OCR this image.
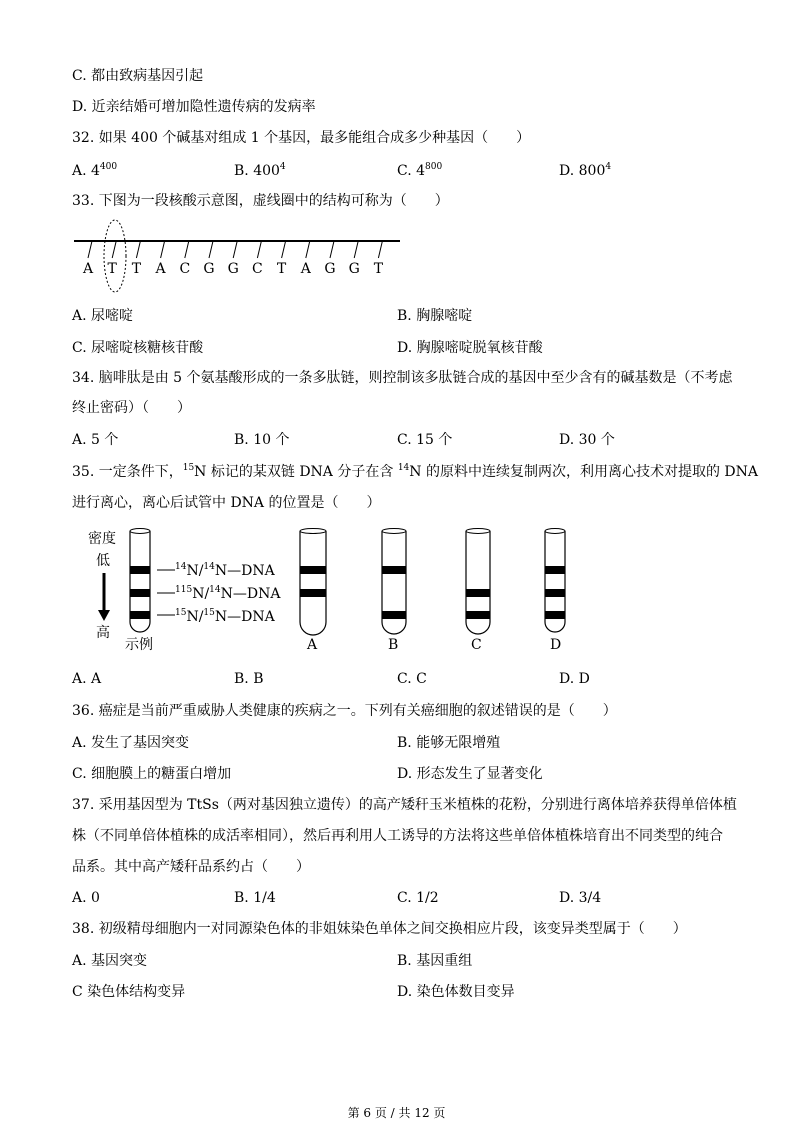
C. 都由致病基因引起
D. 近亲结婚可增加隐性遗传病的发病率
32. 如果 400 个碱基对组成 1 个基因，最多能组合成多少种基因（　　）
A. $4^{400}$	B. $400^4$	C. $4^{800}$	D. $800^4$
33. 下图为一段核酸示意图，虚线圈中的结构可称为（　　）
A T T A C G G C T A G G T
A. 尿嘧啶	B. 胸腺嘧啶
C. 尿嘧啶核糖核苷酸	D. 胸腺嘧啶脱氧核苷酸
34. 脑啡肽是由 5 个氨基酸形成的一条多肽链，则控制该多肽链合成的基因中至少含有的碱基数是（不考虑
终止密码）（　　）
A. 5 个	B. 10 个	C. 15 个	D. 30 个
35. 一定条件下，$^{15}$N 标记的某双链 DNA 分子在含 $^{14}$N 的原料中连续复制两次，利用离心技术对提取的 DNA
进行离心，离心后试管中 DNA 的位置是（　　）
密度
低
高
$^{14}$N/$^{14}$N—DNA
$^{115}$N/$^{14}$N—DNA
$^{15}$N/$^{15}$N—DNA
示例	A	B	C	D
A. A	B. B	C. C	D. D
36. 癌症是当前严重威胁人类健康的疾病之一。下列有关癌细胞的叙述错误的是（　　）
A. 发生了基因突变	B. 能够无限增殖
C. 细胞膜上的糖蛋白增加	D. 形态发生了显著变化
37. 采用基因型为 TtSs（两对基因独立遗传）的高产矮秆玉米植株的花粉，分别进行离体培养获得单倍体植
株（不同单倍体植株的成活率相同），然后再利用人工诱导的方法将这些单倍体植株培育出不同类型的纯合
品系。其中高产矮秆品系约占（　　）
A. 0	B. 1/4	C. 1/2	D. 3/4
38. 初级精母细胞内一对同源染色体的非姐妹染色单体之间交换相应片段，该变异类型属于（　　）
A. 基因突变	B. 基因重组
C 染色体结构变异	D. 染色体数目变异
第 6 页 / 共 12 页
